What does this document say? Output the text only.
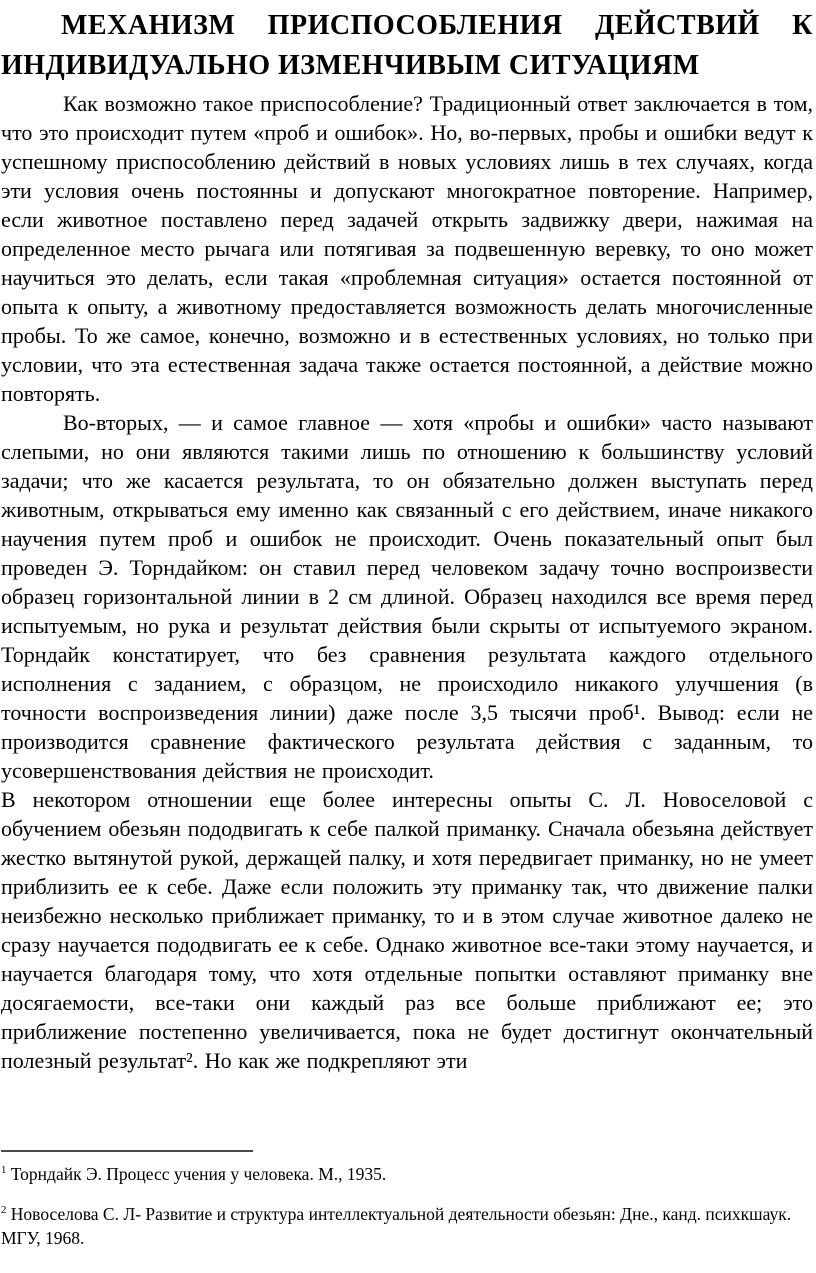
МЕХАНИЗМ ПРИСПОСОБЛЕНИЯ ДЕЙСТВИЙ К
ИНДИВИДУАЛЬНО ИЗМЕНЧИВЫМ СИТУАЦИЯМ

Как возможно такое приспособление? Традиционный ответ заключается в том, что это происходит путем «проб и ошибок». Но, во-первых, пробы и ошибки ведут к успешному приспособлению действий в новых условиях лишь в тех случаях, когда эти условия очень постоянны и допускают многократное повторение. Например, если животное поставлено перед задачей открыть задвижку двери, нажимая на определенное место рычага или потягивая за подвешенную веревку, то оно может научиться это делать, если такая «проблемная ситуация» остается постоянной от опыта к опыту, а животному предоставляется возможность делать многочисленные пробы. То же самое, конечно, возможно и в естественных условиях, но только при условии, что эта естественная задача также остается постоянной, а действие можно повторять.

Во-вторых, — и самое главное — хотя «пробы и ошибки» часто называют слепыми, но они являются такими лишь по отношению к большинству условий задачи; что же касается результата, то он обязательно должен выступать перед животным, открываться ему именно как связанный с его действием, иначе никакого научения путем проб и ошибок не происходит. Очень показательный опыт был проведен Э. Торндайком: он ставил перед человеком задачу точно воспроизвести образец горизонтальной линии в 2 см длиной. Образец находился все время перед испытуемым, но рука и результат действия были скрыты от испытуемого экраном. Торндайк констатирует, что без сравнения результата каждого отдельного исполнения с заданием, с образцом, не происходило никакого улучшения (в точности воспроизведения линии) даже после 3,5 тысячи проб¹. Вывод: если не производится сравнение фактического результата действия с заданным, то усовершенствования действия не происходит.

В некотором отношении еще более интересны опыты С. Л. Новоселовой с обучением обезьян пододвигать к себе палкой приманку. Сначала обезьяна действует жестко вытянутой рукой, держащей палку, и хотя передвигает приманку, но не умеет приблизить ее к себе. Даже если положить эту приманку так, что движение палки неизбежно несколько приближает приманку, то и в этом случае животное далеко не сразу научается пододвигать ее к себе. Однако животное все-таки этому научается, и научается благодаря тому, что хотя отдельные попытки оставляют приманку вне досягаемости, все-таки они каждый раз все больше приближают ее; это приближение постепенно увеличивается, пока не будет достигнут окончательный полезный результат². Но как же подкрепляют эти

$^1$ Торндайк Э. Процесс учения у человека. М., 1935.

$^2$ Новоселова С. Л- Развитие и структура интеллектуальной деятельности обезьян: Дне., канд. психкшаук. МГУ, 1968.
